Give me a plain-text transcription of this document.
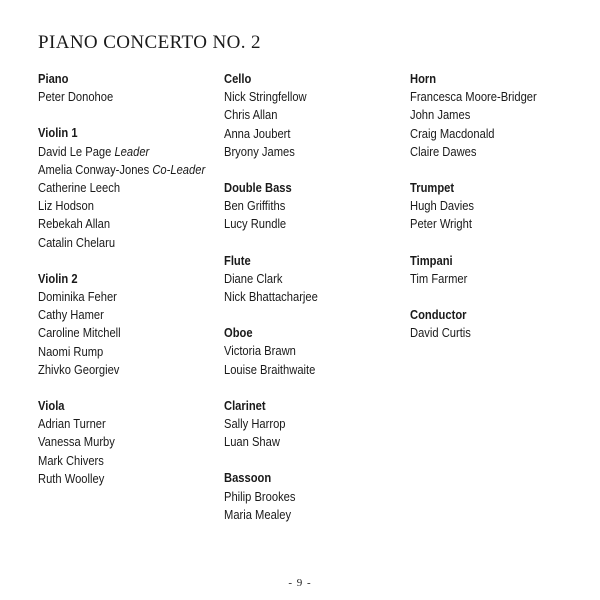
PIANO CONCERTO NO. 2
Piano
Peter Donohoe
Violin 1
David Le Page Leader
Amelia Conway-Jones Co-Leader
Catherine Leech
Liz Hodson
Rebekah Allan
Catalin Chelaru
Violin 2
Dominika Feher
Cathy Hamer
Caroline Mitchell
Naomi Rump
Zhivko Georgiev
Viola
Adrian Turner
Vanessa Murby
Mark Chivers
Ruth Woolley
Cello
Nick Stringfellow
Chris Allan
Anna Joubert
Bryony James
Double Bass
Ben Griffiths
Lucy Rundle
Flute
Diane Clark
Nick Bhattacharjee
Oboe
Victoria Brawn
Louise Braithwaite
Clarinet
Sally Harrop
Luan Shaw
Bassoon
Philip Brookes
Maria Mealey
Horn
Francesca Moore-Bridger
John James
Craig Macdonald
Claire Dawes
Trumpet
Hugh Davies
Peter Wright
Timpani
Tim Farmer
Conductor
David Curtis
- 9 -
